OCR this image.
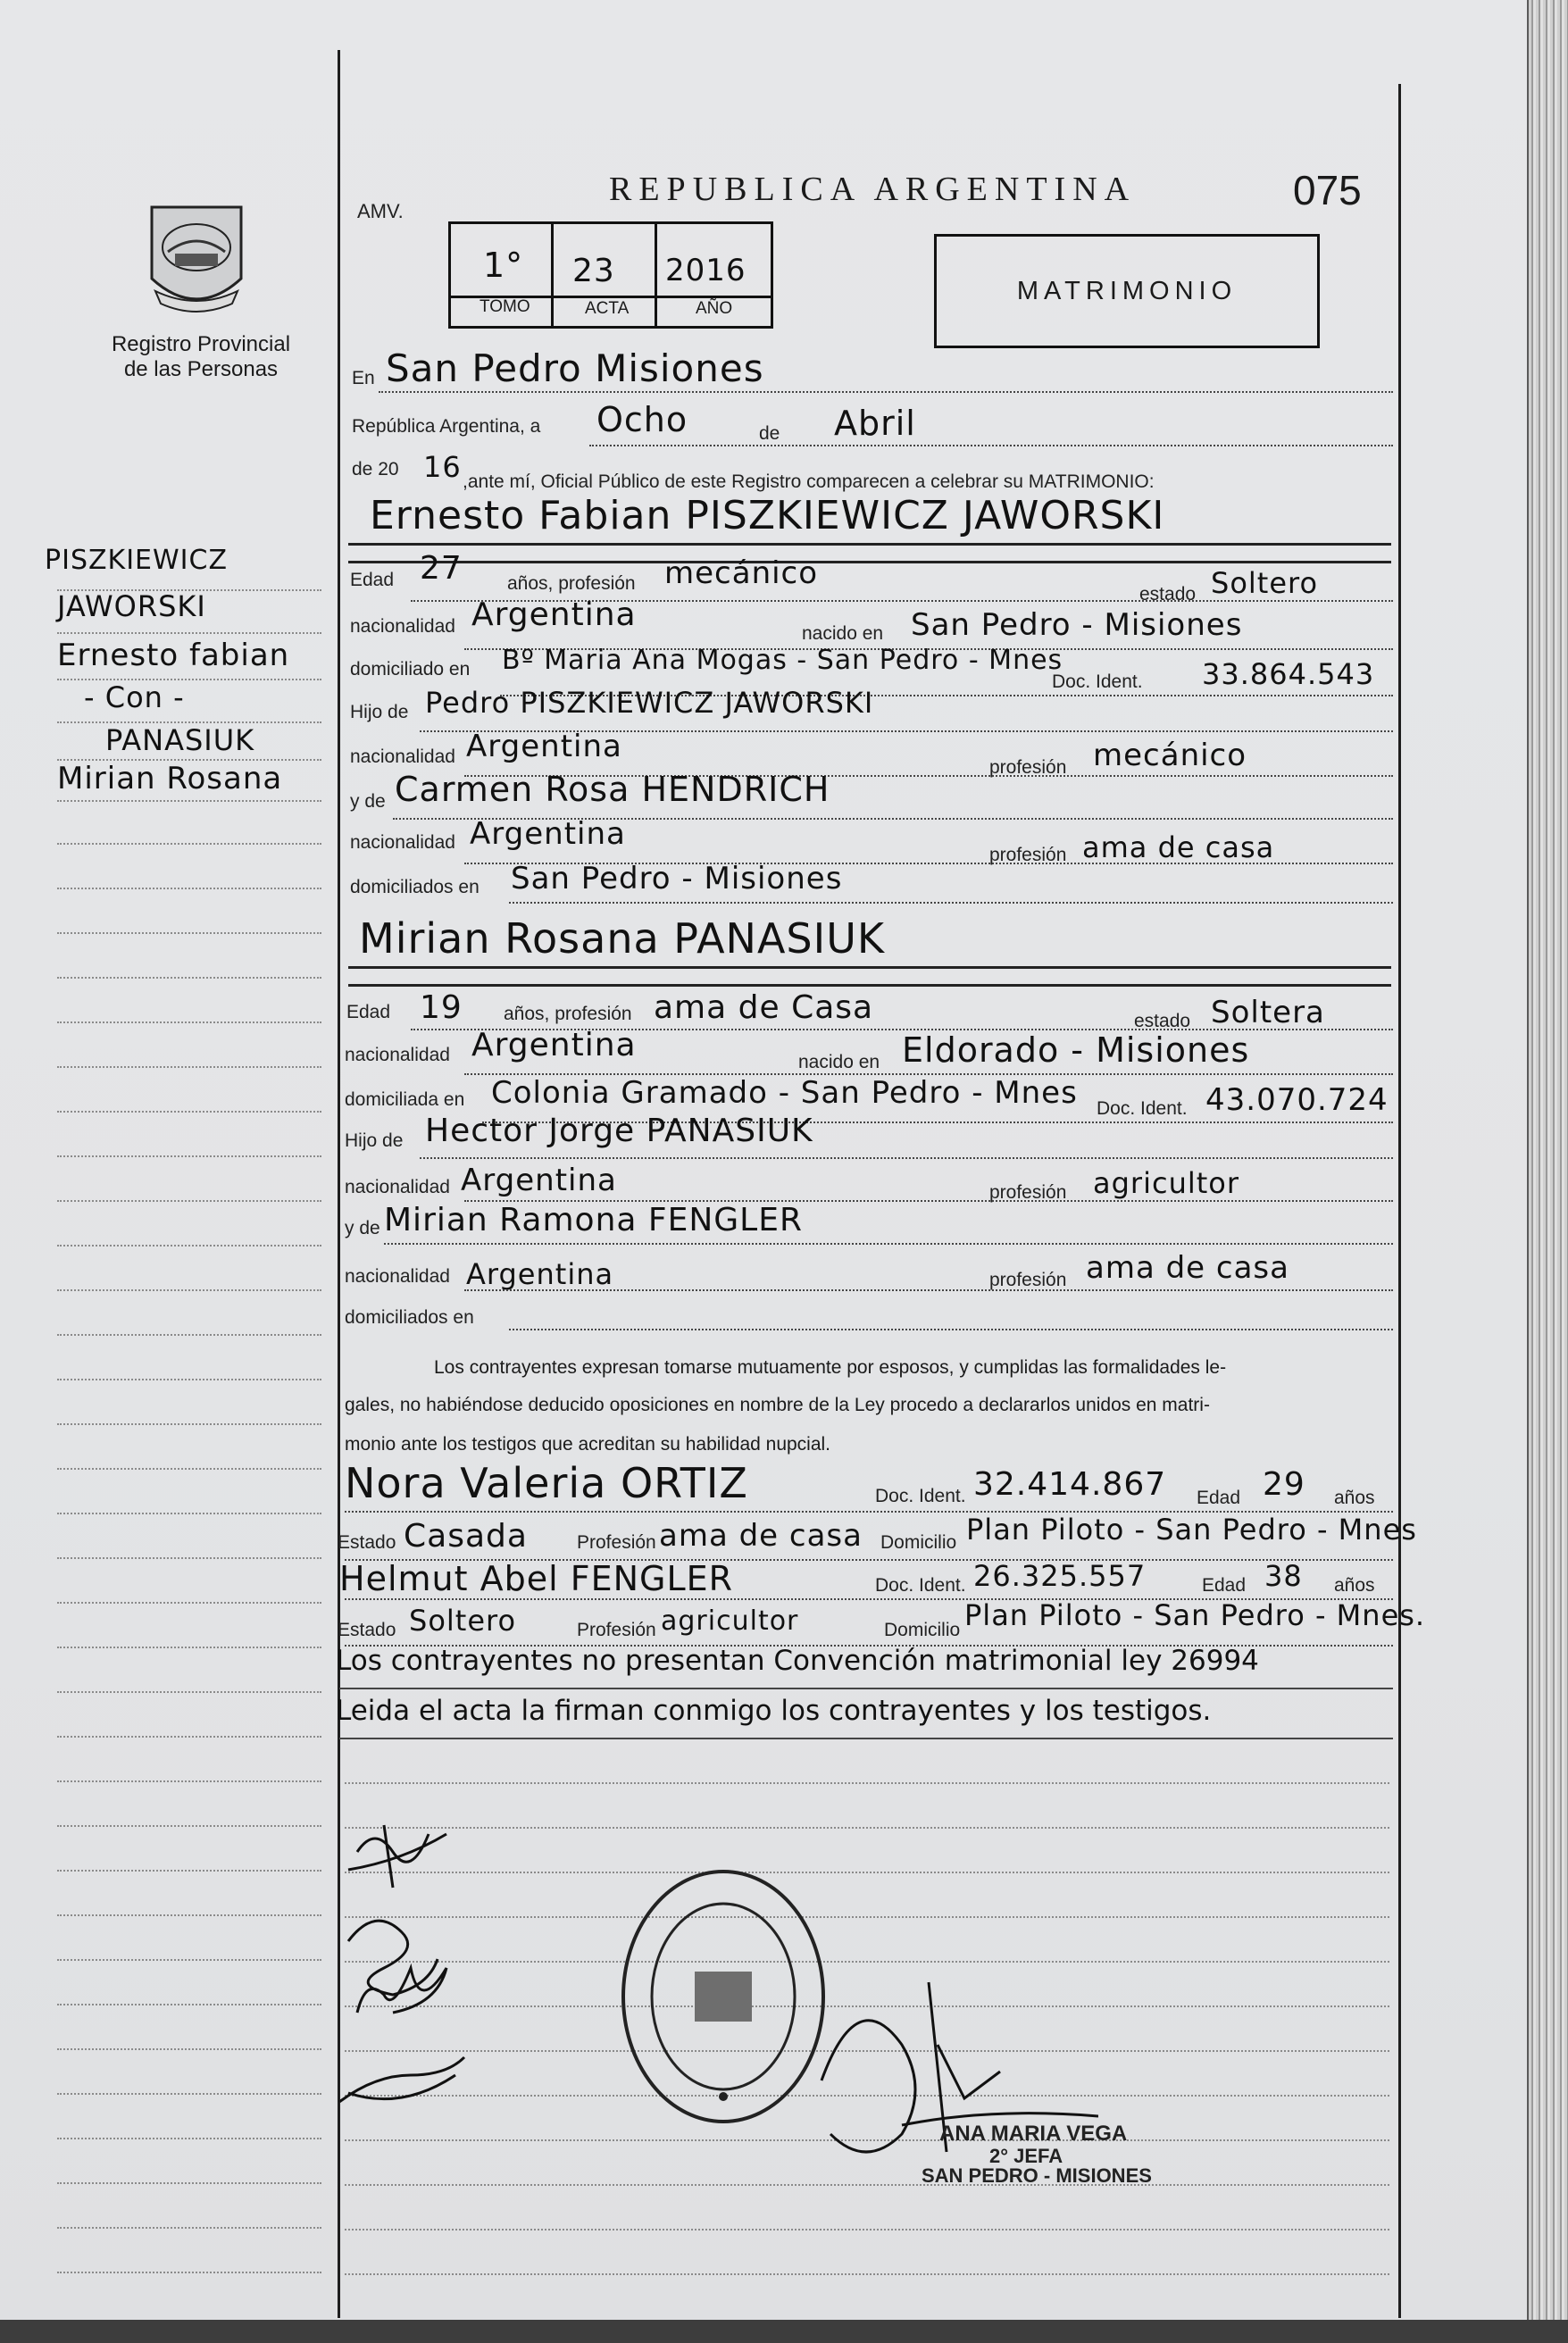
Registro Provincial de las Personas
AMV.
REPUBLICA ARGENTINA	075
1° 23 2016
TOMO	ACTA	AÑO
MATRIMONIO
PISZKIEWICZ
JAWORSKI
Ernesto fabian
- Con -
PANASIUK
Mirian Rosana
En San Pedro Misiones
República Argentina, a Ocho	de Abril
de 20 16 ,ante mí, Oficial Público de este Registro comparecen a celebrar su MATRIMONIO:
Ernesto Fabian PISZKIEWICZ JAWORSKI
Edad 27 años, profesión mecánico
estado Soltero
nacionalidad Argentina
nacido en San Pedro - Misiones
domiciliado en Bº Maria Ana Mogas - San Pedro - Mnes
Doc. Ident. 33.864.543
Hijo de Pedro PISZKIEWICZ JAWORSKI
nacionalidad Argentina
profesión mecánico
y de Carmen Rosa HENDRICH
nacionalidad Argentina
profesión ama de casa
domiciliados en San Pedro - Misiones
Mirian Rosana PANASIUK
Edad 19 años, profesión ama de Casa	estado Soltera
nacionalidad Argentina	nacido en Eldorado - Misiones
domiciliada en Colonia Gramado - San Pedro - Mnes Doc. Ident. 43.070.724
Hijo de Hector Jorge PANASIUK
nacionalidad Argentina	profesión agricultor
y de Mirian Ramona FENGLER
nacionalidad Argentina	profesión ama de casa
domiciliados en
Los contrayentes expresan tomarse mutuamente por esposos, y cumplidas las formalidades le-
gales, no habiéndose deducido oposiciones en nombre de la Ley procedo a declararlos unidos en matri-
monio ante los testigos que acreditan su habilidad nupcial.
Nora Valeria ORTIZ	Doc. Ident. 32.414.867 Edad 29 años
Estado Casada	Profesión ama de casa Domicilio Plan Piloto - San Pedro - Mnes
Helmut Abel FENGLER	Doc. Ident. 26.325.557	Edad 38 años
Estado Soltero	Profesión agricultor	Domicilio Plan Piloto - San Pedro - Mnes.
Los contrayentes no presentan Convención matrimonial ley 26994
Leida el acta la firman conmigo los contrayentes y los testigos.
ANA MARIA VEGA
2° JEFA
SAN PEDRO - MISIONES
